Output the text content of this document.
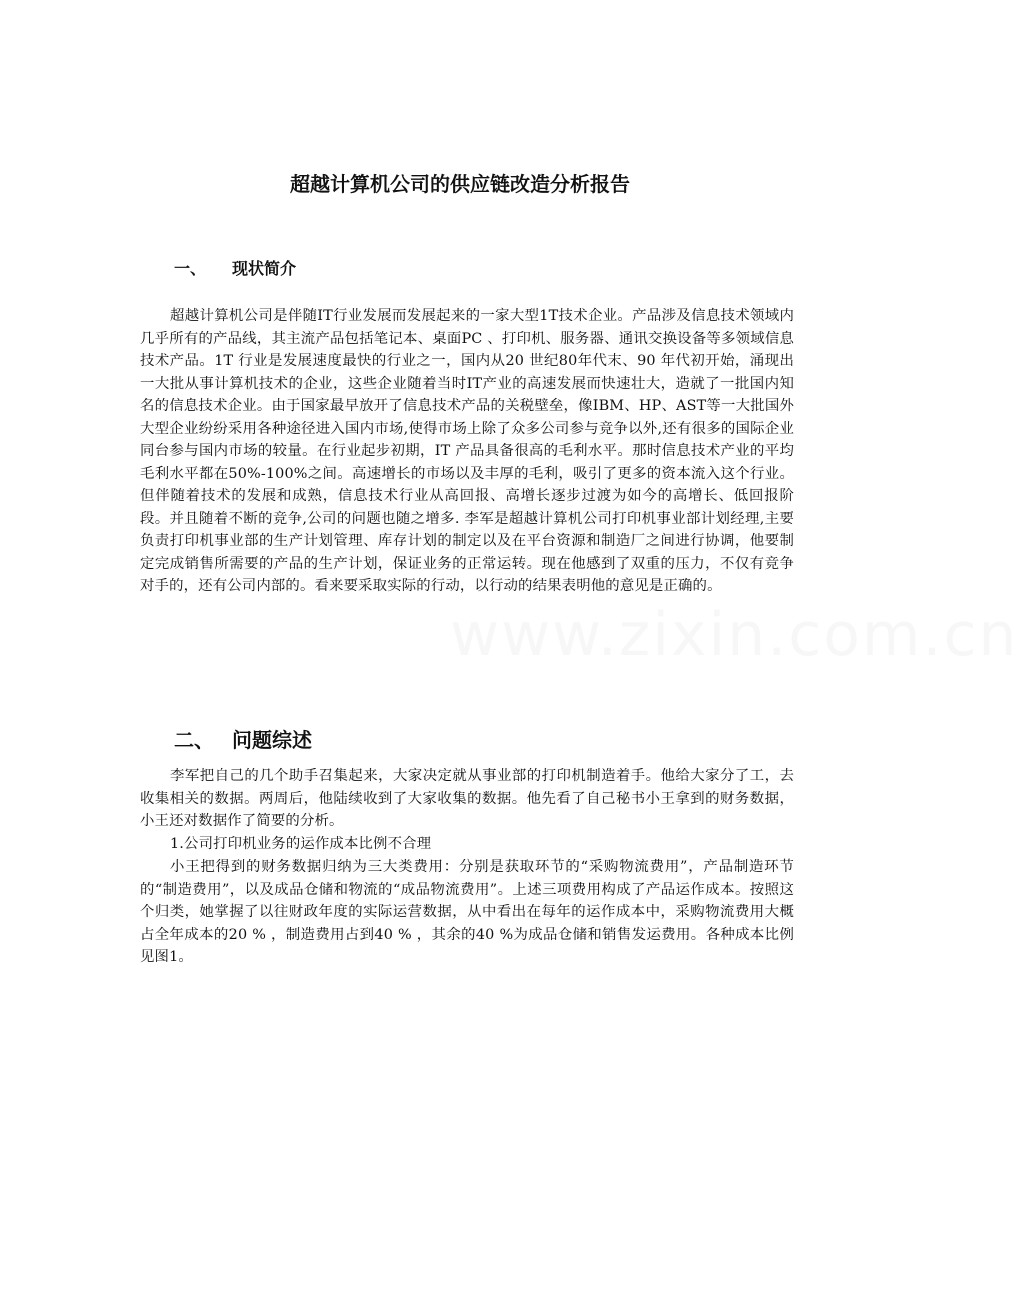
超越计算机公司的供应链改造分析报告
一、 现状简介

超越计算机公司是伴随IT行业发展而发展起来的一家大型1T技术企业。产品涉及信息技术领域内几乎所有的产品线，其主流产品包括笔记本、桌面PC 、打印机、服务器、通讯交换设备等多领域信息技术产品。1T 行业是发展速度最快的行业之一，国内从20 世纪80年代末、90 年代初开始，涌现出一大批从事计算机技术的企业，这些企业随着当时IT产业的高速发展而快速壮大，造就了一批国内知名的信息技术企业。由于国家最早放开了信息技术产品的关税壁垒，像IBM、HP、AST等一大批国外大型企业纷纷采用各种途径进入国内市场,使得市场上除了众多公司参与竞争以外,还有很多的国际企业同台参与国内市场的较量。在行业起步初期，IT 产品具备很高的毛利水平。那时信息技术产业的平均毛利水平都在50%-100%之间。高速增长的市场以及丰厚的毛利，吸引了更多的资本流入这个行业。但伴随着技术的发展和成熟，信息技术行业从高回报、高增长逐步过渡为如今的高增长、低回报阶段。并且随着不断的竞争,公司的问题也随之增多. 李军是超越计算机公司打印机事业部计划经理,主要负责打印机事业部的生产计划管理、库存计划的制定以及在平台资源和制造厂之间进行协调，他要制定完成销售所需要的产品的生产计划，保证业务的正常运转。现在他感到了双重的压力，不仅有竞争对手的，还有公司内部的。看来要采取实际的行动，以行动的结果表明他的意见是正确的。

www.zixin.com.cn
二、 问题综述

李军把自己的几个助手召集起来，大家决定就从事业部的打印机制造着手。他给大家分了工，去收集相关的数据。两周后，他陆续收到了大家收集的数据。他先看了自己秘书小王拿到的财务数据，小王还对数据作了简要的分析。

1.公司打印机业务的运作成本比例不合理

小王把得到的财务数据归纳为三大类费用：分别是获取环节的“采购物流费用”，产品制造环节的“制造费用”，以及成品仓储和物流的“成品物流费用”。上述三项费用构成了产品运作成本。按照这个归类，她掌握了以往财政年度的实际运营数据，从中看出在每年的运作成本中，采购物流费用大概占全年成本的20 % ，制造费用占到40 % ，其余的40 %为成品仓储和销售发运费用。各种成本比例见图1。
